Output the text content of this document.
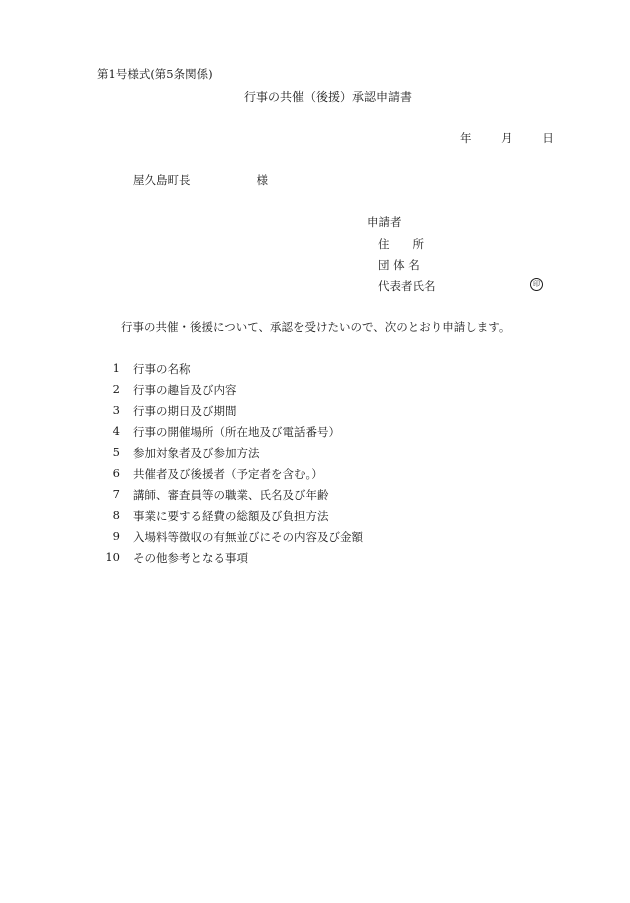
第1号様式(第5条関係)
行事の共催（後援）承認申請書
年	月	日
屋久島町長	様
申請者
住　　所
団 体 名
代表者氏名	印
行事の共催・後援について、承認を受けたいので、次のとおり申請します。
1 行事の名称
2 行事の趣旨及び内容
3 行事の期日及び期間
4 行事の開催場所（所在地及び電話番号）
5 参加対象者及び参加方法
6 共催者及び後援者（予定者を含む。）
7 講師、審査員等の職業、氏名及び年齢
8 事業に要する経費の総額及び負担方法
9 入場料等徴収の有無並びにその内容及び金額
10 その他参考となる事項
